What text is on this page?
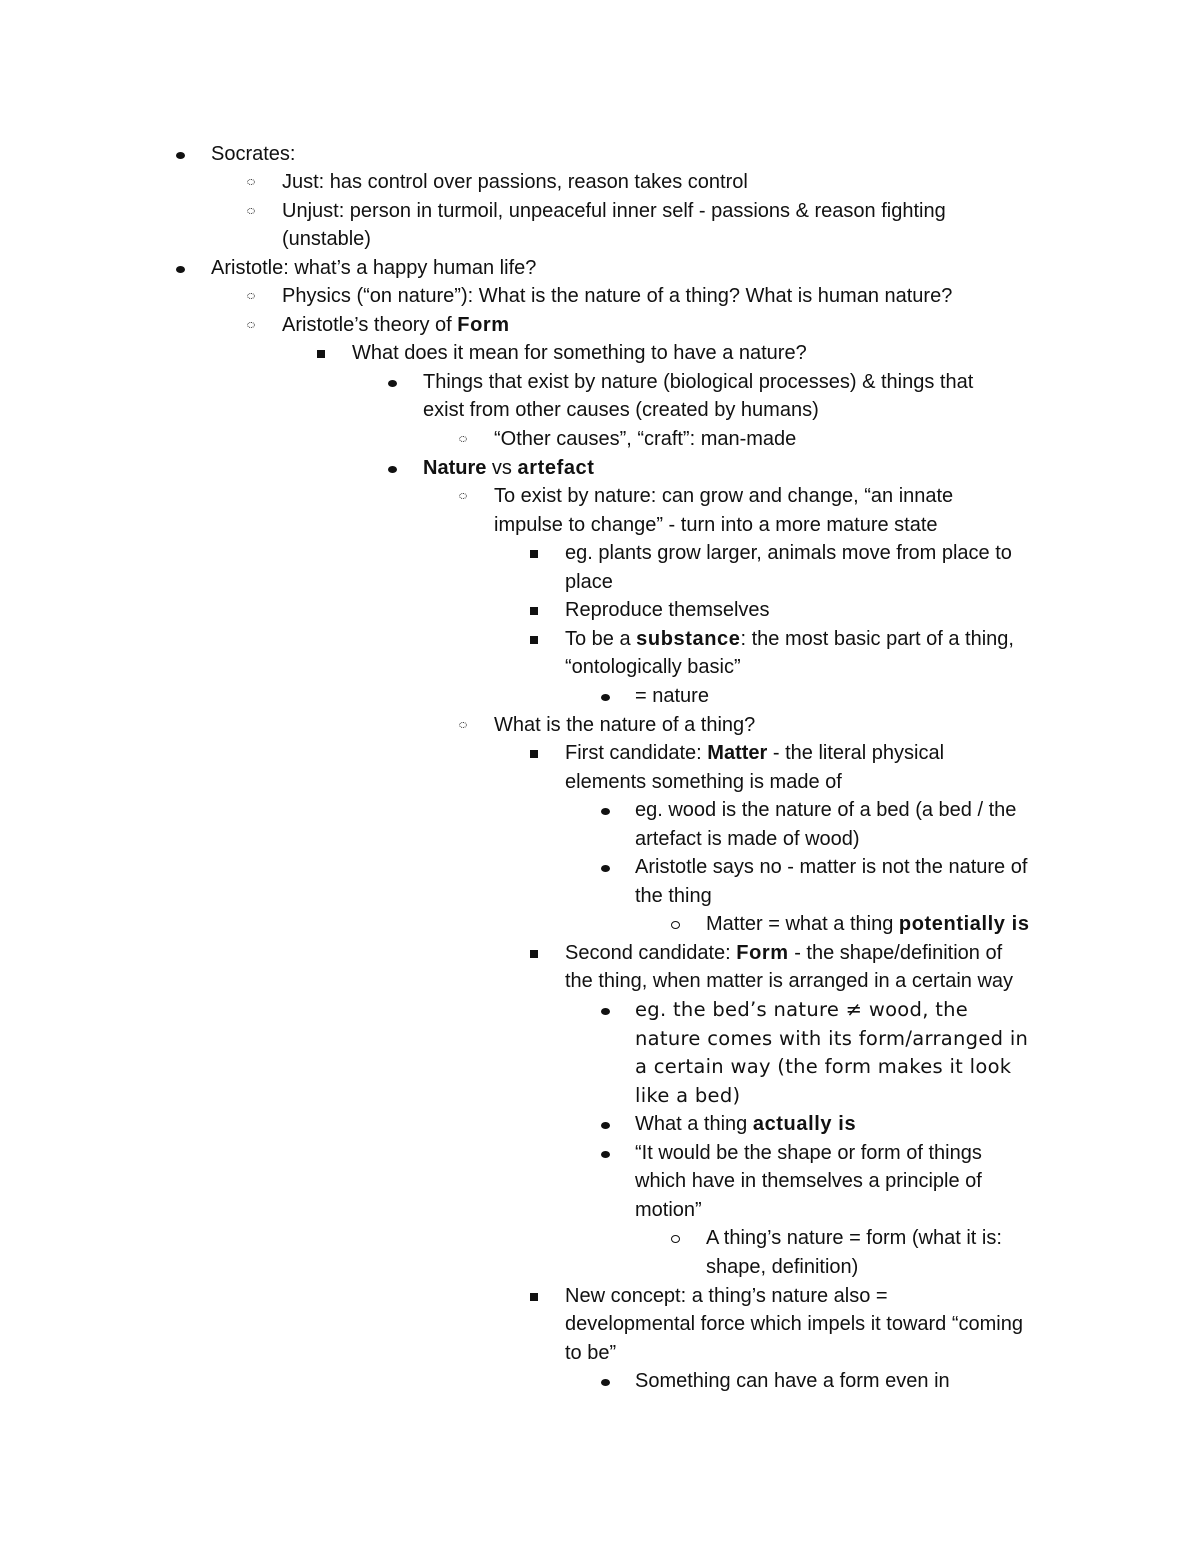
Socrates:
Just: has control over passions, reason takes control
Unjust: person in turmoil, unpeaceful inner self - passions & reason fighting
(unstable)
Aristotle: what’s a happy human life?
Physics (“on nature”): What is the nature of a thing? What is human nature?
Aristotle’s theory of Form
What does it mean for something to have a nature?
Things that exist by nature (biological processes) & things that
exist from other causes (created by humans)
“Other causes”, “craft”: man-made
Nature vs artefact
To exist by nature: can grow and change, “an innate
impulse to change” - turn into a more mature state
eg. plants grow larger, animals move from place to
place
Reproduce themselves
To be a substance: the most basic part of a thing,
“ontologically basic”
= nature
What is the nature of a thing?
First candidate: Matter - the literal physical
elements something is made of
eg. wood is the nature of a bed (a bed / the
artefact is made of wood)
Aristotle says no - matter is not the nature of
the thing
Matter = what a thing potentially is
Second candidate: Form - the shape/definition of
the thing, when matter is arranged in a certain way
eg. the bed’s nature ≠ wood, the
nature comes with its form/arranged in
a certain way (the form makes it look
like a bed)
What a thing actually is
“It would be the shape or form of things
which have in themselves a principle of
motion”
A thing’s nature = form (what it is:
shape, definition)
New concept: a thing’s nature also =
developmental force which impels it toward “coming
to be”
Something can have a form even in
